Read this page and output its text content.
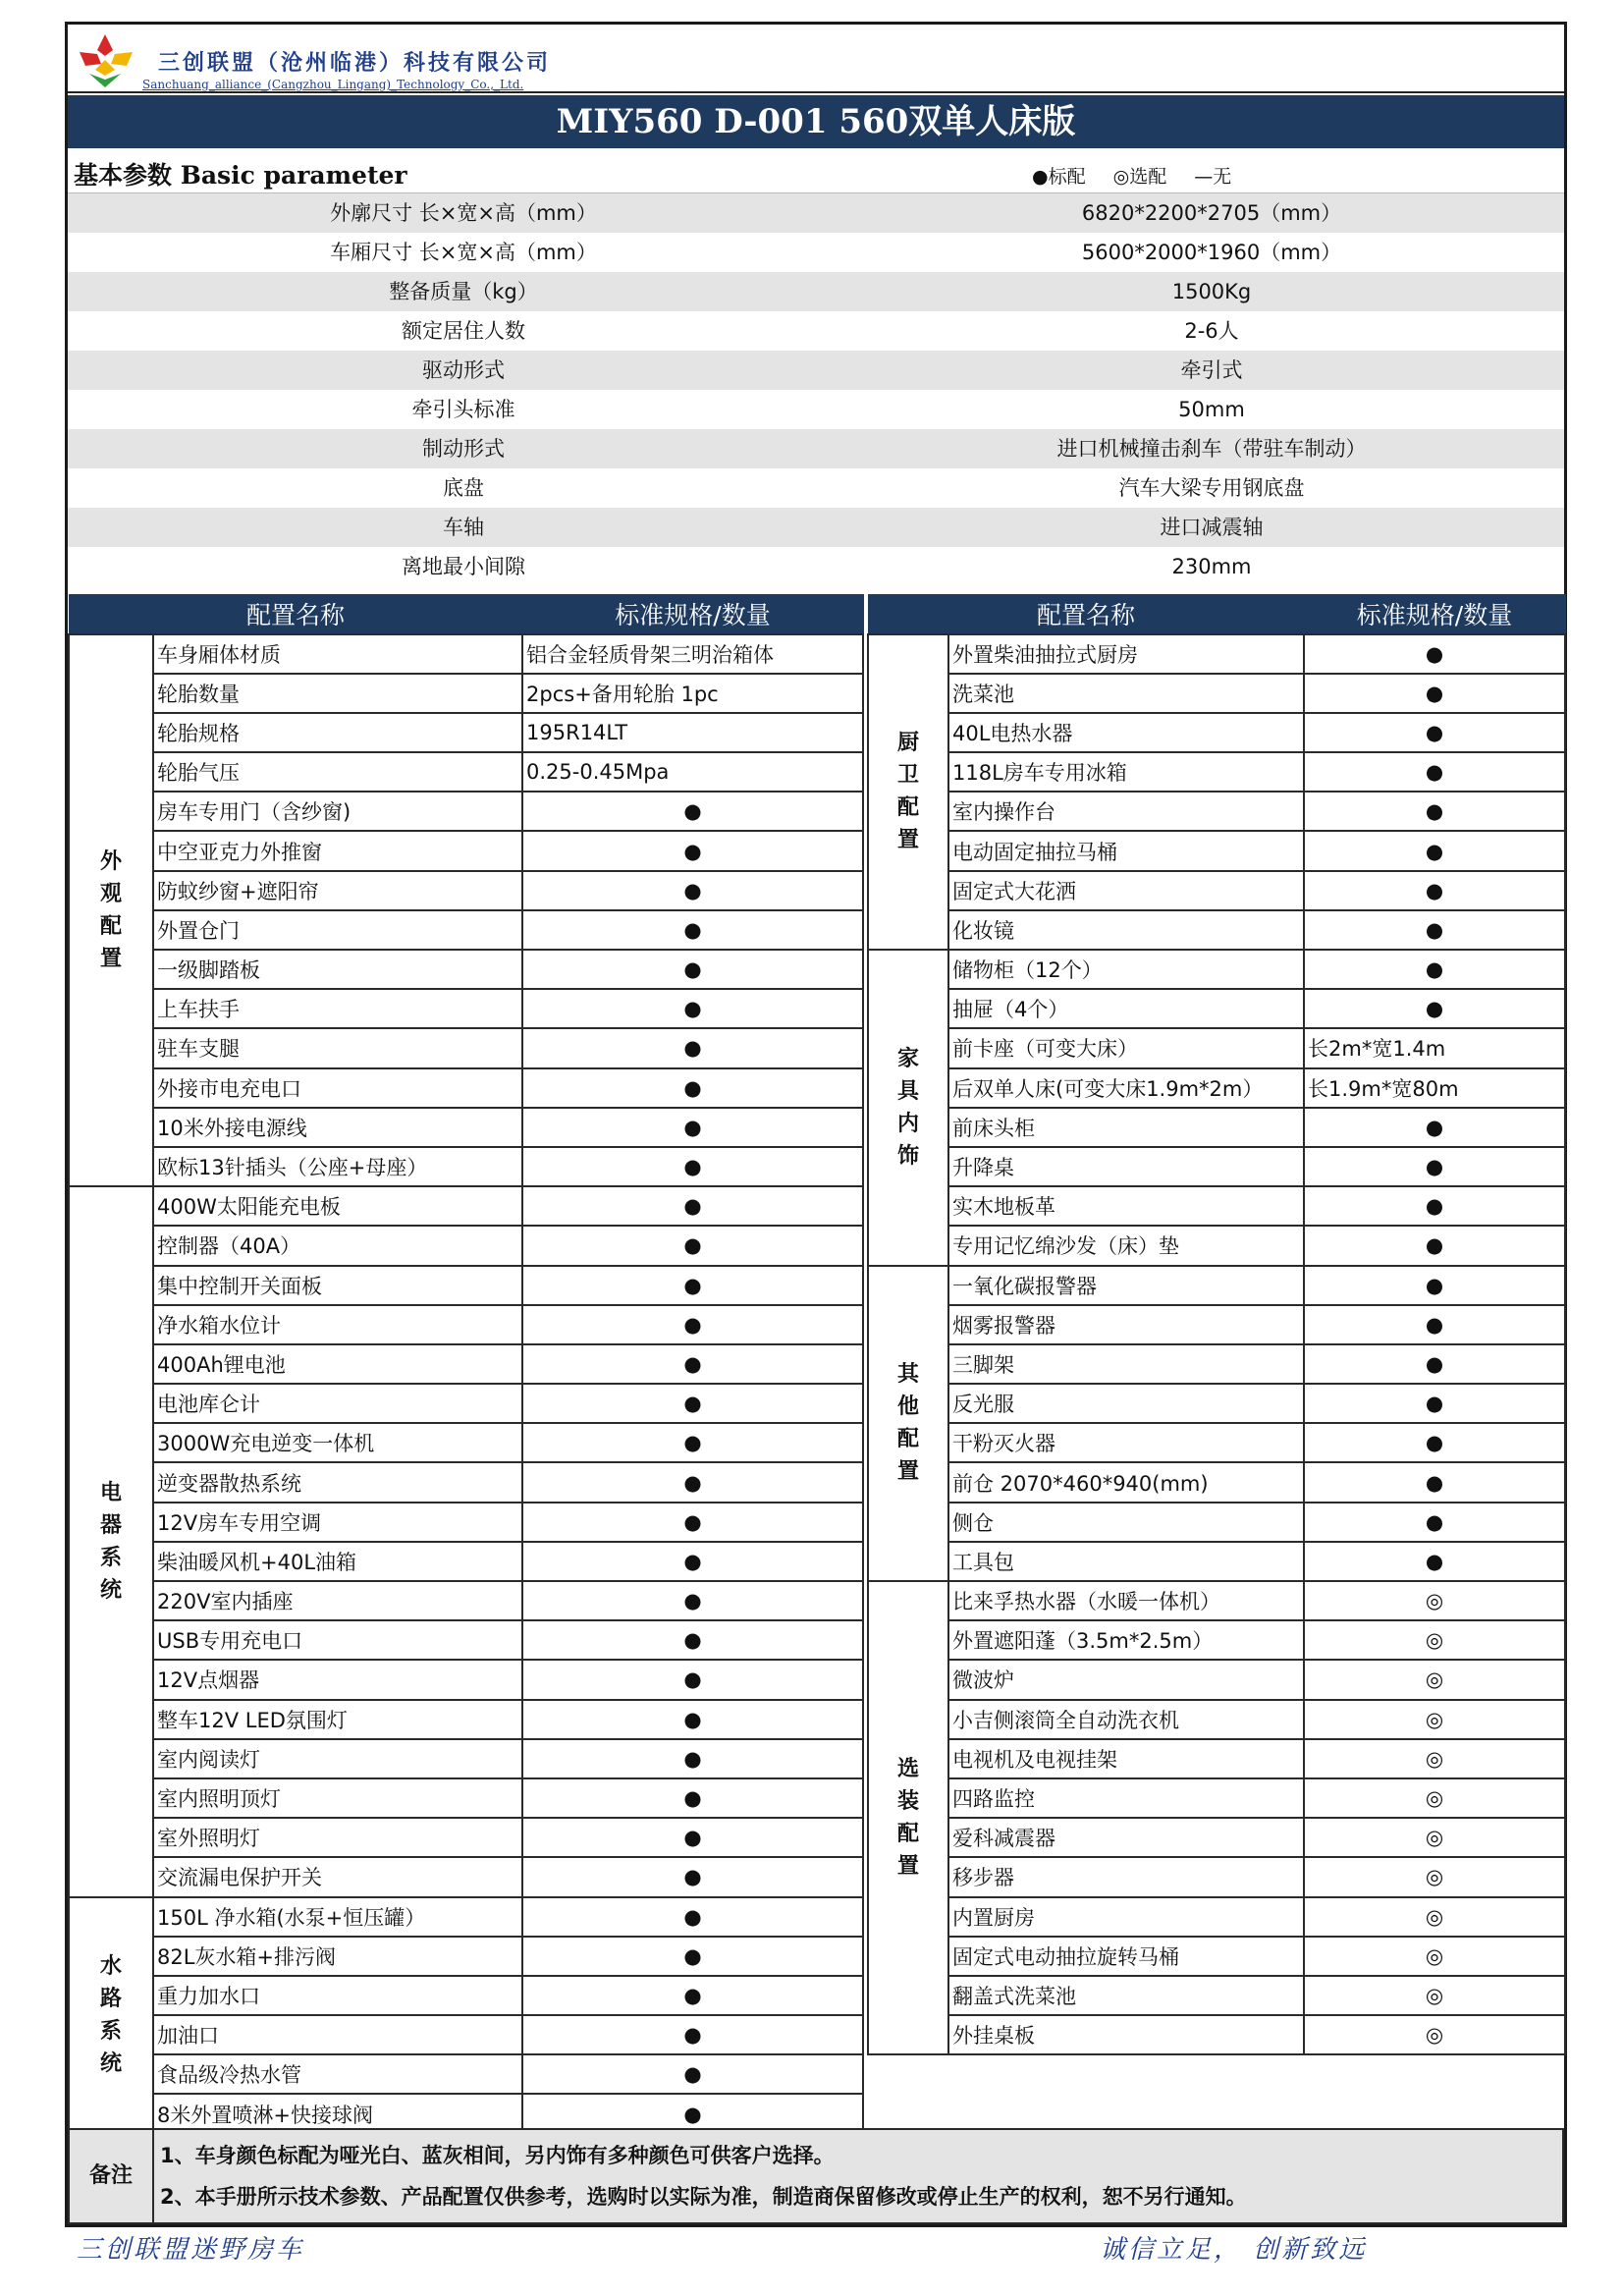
三创联盟（沧州临港）科技有限公司
Sanchuang_alliance_(Cangzhou_Lingang)_Technology_Co.,_Ltd.
MIY560 D-001 560双单人床版
基本参数 Basic parameter	●标配 ◎选配 —无
外廓尺寸 长×宽×高（mm）	6820*2200*2705（mm）
车厢尺寸 长×宽×高（mm）	5600*2000*1960（mm）
整备质量（kg）	1500Kg
额定居住人数	2-6人
驱动形式	牵引式
牵引头标准	50mm
制动形式	进口机械撞击刹车（带驻车制动）
底盘	汽车大梁专用钢底盘
车轴	进口减震轴
离地最小间隙	230mm
配置名称		标准规格/数量

外观配置	车身厢体材质	铝合金轻质骨架三明治箱体
	轮胎数量	2pcs+备用轮胎 1pc
	轮胎规格	195R14LT
	轮胎气压	0.25-0.45Mpa
	房车专用门（含纱窗)	●
	中空亚克力外推窗	●
	防蚊纱窗+遮阳帘	●
	外置仓门	●
	一级脚踏板	●
	上车扶手	●
	驻车支腿	●
	外接市电充电口	●
	10米外接电源线	●
	欧标13针插头（公座+母座）	●

电器系统	400W太阳能充电板	●
	控制器（40A）	●
	集中控制开关面板	●
	净水箱水位计	●
	400Ah锂电池	●
	电池库仑计	●
	3000W充电逆变一体机	●
	逆变器散热系统	●
	12V房车专用空调	●
	柴油暖风机+40L油箱	●
	220V室内插座	●
	USB专用充电口	●
	12V点烟器	●
	整车12V LED氛围灯	●
	室内阅读灯	●
	室内照明顶灯	●
	室外照明灯	●
	交流漏电保护开关	●

水路系统	150L 净水箱(水泵+恒压罐）	●
	82L灰水箱+排污阀	●
	重力加水口	●
	加油口	●
	食品级冷热水管	●
	8米外置喷淋+快接球阀	●
配置名称		标准规格/数量

厨卫配置	外置柴油抽拉式厨房	●
	洗菜池	●
	40L电热水器	●
	118L房车专用冰箱	●
	室内操作台	●
	电动固定抽拉马桶	●
	固定式大花洒	●
	化妆镜	●

家具内饰	储物柜（12个）	●
	抽屉（4个）	●
	前卡座（可变大床）	长2m*宽1.4m
	后双单人床(可变大床1.9m*2m）	长1.9m*宽80m
	前床头柜	●
	升降桌	●
	实木地板革	●
	专用记忆绵沙发（床）垫	●

其他配置	一氧化碳报警器	●
	烟雾报警器	●
	三脚架	●
	反光服	●
	干粉灭火器	●
	前仓 2070*460*940(mm)	●
	侧仓	●
	工具包	●

选装配置	比来孚热水器（水暖一体机）	◎
	外置遮阳蓬（3.5m*2.5m）	◎
	微波炉	◎
	小吉侧滚筒全自动洗衣机	◎
	电视机及电视挂架	◎
	四路监控	◎
	爱科减震器	◎
	移步器	◎
	内置厨房	◎
	固定式电动抽拉旋转马桶	◎
	翻盖式洗菜池	◎
	外挂桌板	◎
备注
1、车身颜色标配为哑光白、蓝灰相间，另内饰有多种颜色可供客户选择。
2、本手册所示技术参数、产品配置仅供参考，选购时以实际为准，制造商保留修改或停止生产的权利，恕不另行通知。
三创联盟迷野房车	诚信立足， 创新致远
